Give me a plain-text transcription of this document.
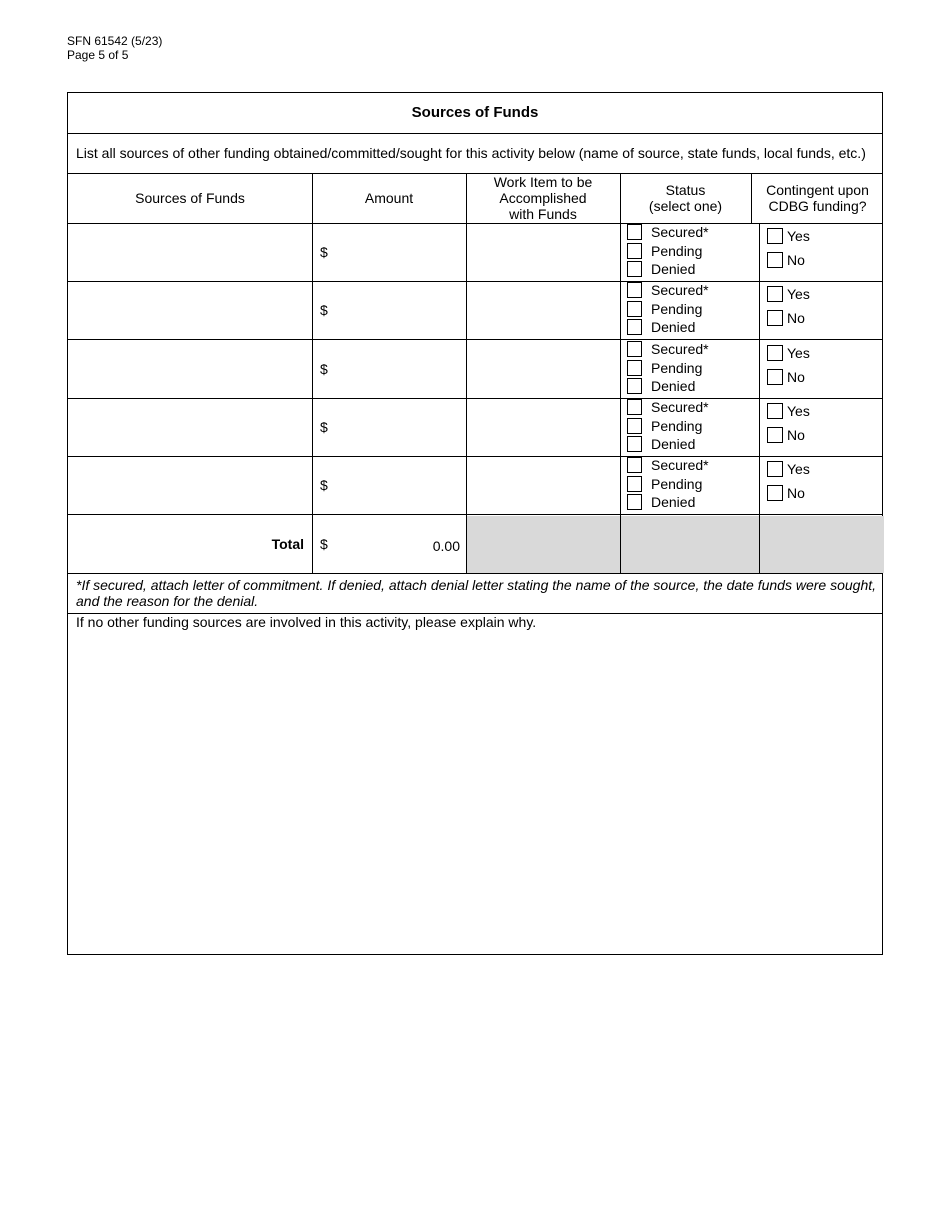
SFN 61542 (5/23)
Page 5 of 5
Sources of Funds
List all sources of other funding obtained/committed/sought for this activity below (name of source, state funds, local funds, etc.)
Sources of Funds	Amount
Work Item to be
Accomplished
with Funds
Status
(select one)
Contingent upon
CDBG funding?
$
Secured*
Pending
Denied
Yes
No
$
Secured*
Pending
Denied
Yes
No
$
Secured*
Pending
Denied
Yes
No
$
Secured*
Pending
Denied
Yes
No
$
Secured*
Pending
Denied
Yes
No
Total $	0.00
*If secured, attach letter of commitment. If denied, attach denial letter stating the name of the source, the date funds were sought, and the reason for the denial.
If no other funding sources are involved in this activity, please explain why.
